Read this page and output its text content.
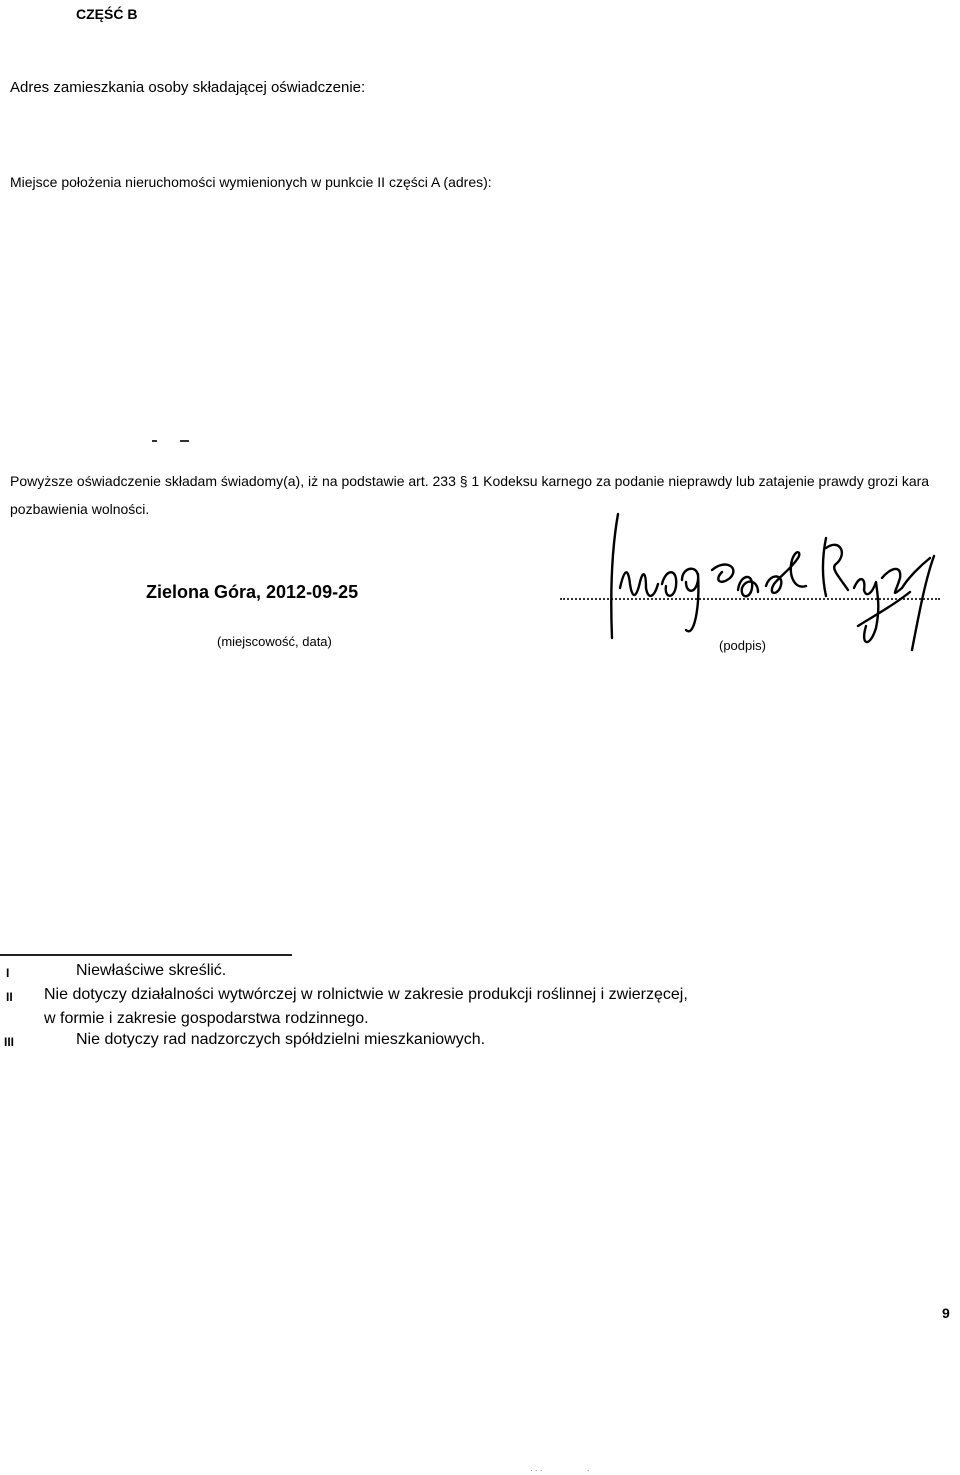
CZĘŚĆ B
Adres zamieszkania osoby składającej oświadczenie:
Miejsce położenia nieruchomości wymienionych w punkcie II części A (adres):
Powyższe oświadczenie składam świadomy(a), iż na podstawie art. 233 § 1 Kodeksu karnego za podanie nieprawdy lub zatajenie prawdy grozi kara pozbawienia wolności.
Zielona Góra, 2012-09-25
(miejscowość, data)	(podpis)
I	Niewłaściwe skreślić.
II Nie dotyczy działalności wytwórczej w rolnictwie w zakresie produkcji roślinnej i zwierzęcej,
w formie i zakresie gospodarstwa rodzinnego.
III	Nie dotyczy rad nadzorczych spółdzielni mieszkaniowych.
9
· · ·                    ·
